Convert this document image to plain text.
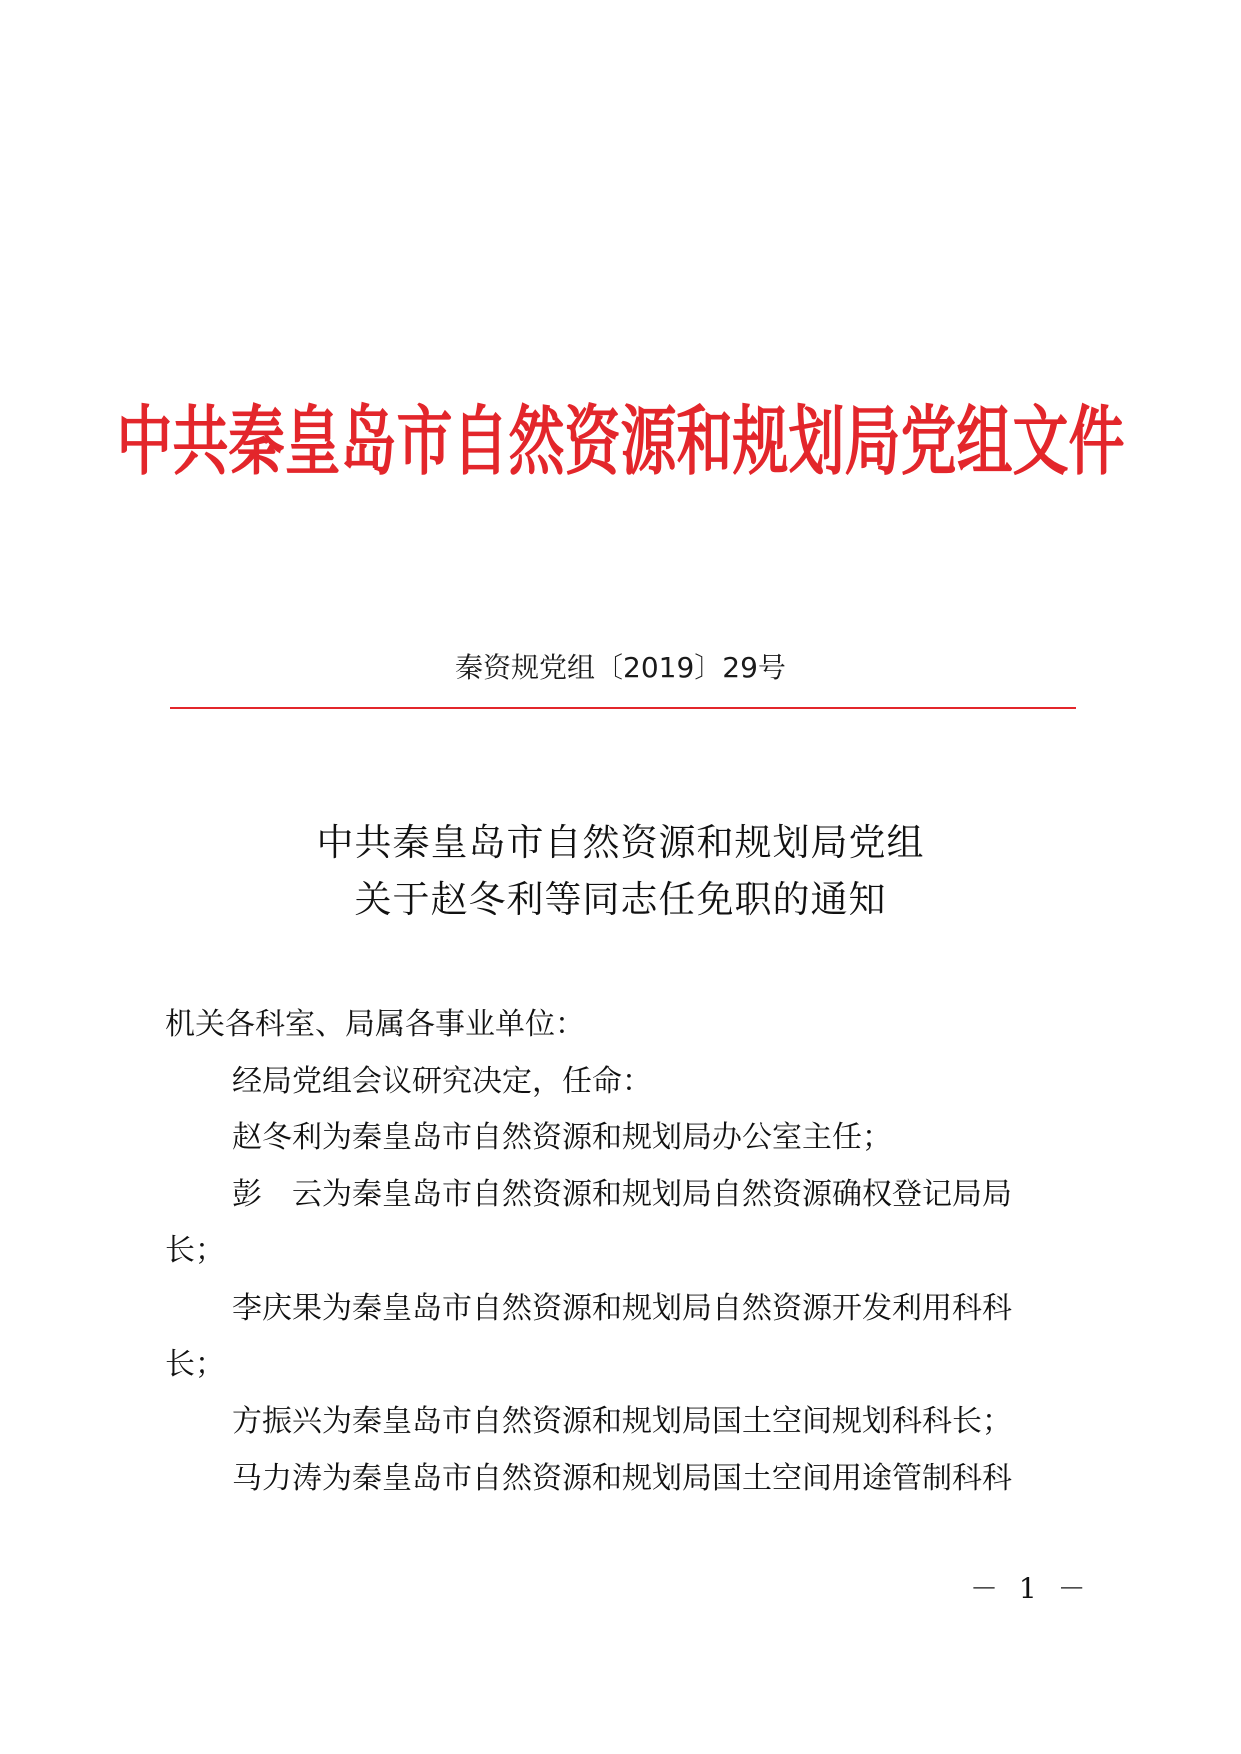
中共秦皇岛市自然资源和规划局党组文件
秦资规党组〔2019〕29号
中共秦皇岛市自然资源和规划局党组
关于赵冬利等同志任免职的通知
机关各科室、局属各事业单位：
经局党组会议研究决定，任命：
赵冬利为秦皇岛市自然资源和规划局办公室主任；
彭　云为秦皇岛市自然资源和规划局自然资源确权登记局局
长；
李庆果为秦皇岛市自然资源和规划局自然资源开发利用科科
长；
方振兴为秦皇岛市自然资源和规划局国土空间规划科科长；
马力涛为秦皇岛市自然资源和规划局国土空间用途管制科科
－ 1 －
